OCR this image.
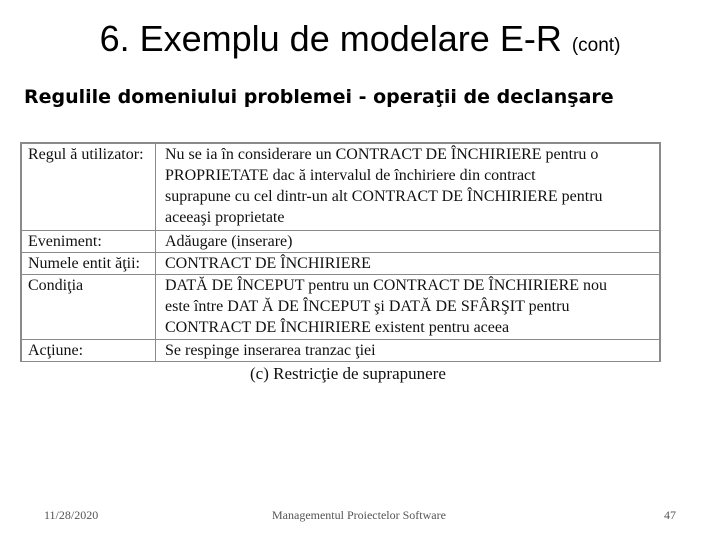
6. Exemplu de modelare E-R (cont)
Regulile domeniului problemei - operaţii de declanşare
Regul ă utilizator: Nu se ia în considerare un CONTRACT DE ÎNCHIRIERE pentru o
PROPRIETATE dac ă intervalul de închiriere din contract
suprapune cu cel dintr-un alt CONTRACT DE ÎNCHIRIERE pentru
aceeaşi proprietate
Eveniment:	Adăugare (inserare)
Numele entit ăţii: CONTRACT DE ÎNCHIRIERE
Condiţia	DATĂ DE ÎNCEPUT pentru un CONTRACT DE ÎNCHIRIERE nou
este între DAT Ă DE ÎNCEPUT şi DATĂ DE SFÂRŞIT pentru
CONTRACT DE ÎNCHIRIERE existent pentru aceea
Acţiune:	Se respinge inserarea tranzac ţiei
(c) Restricţie de suprapunere
11/28/2020	Managementul Proiectelor Software	47
